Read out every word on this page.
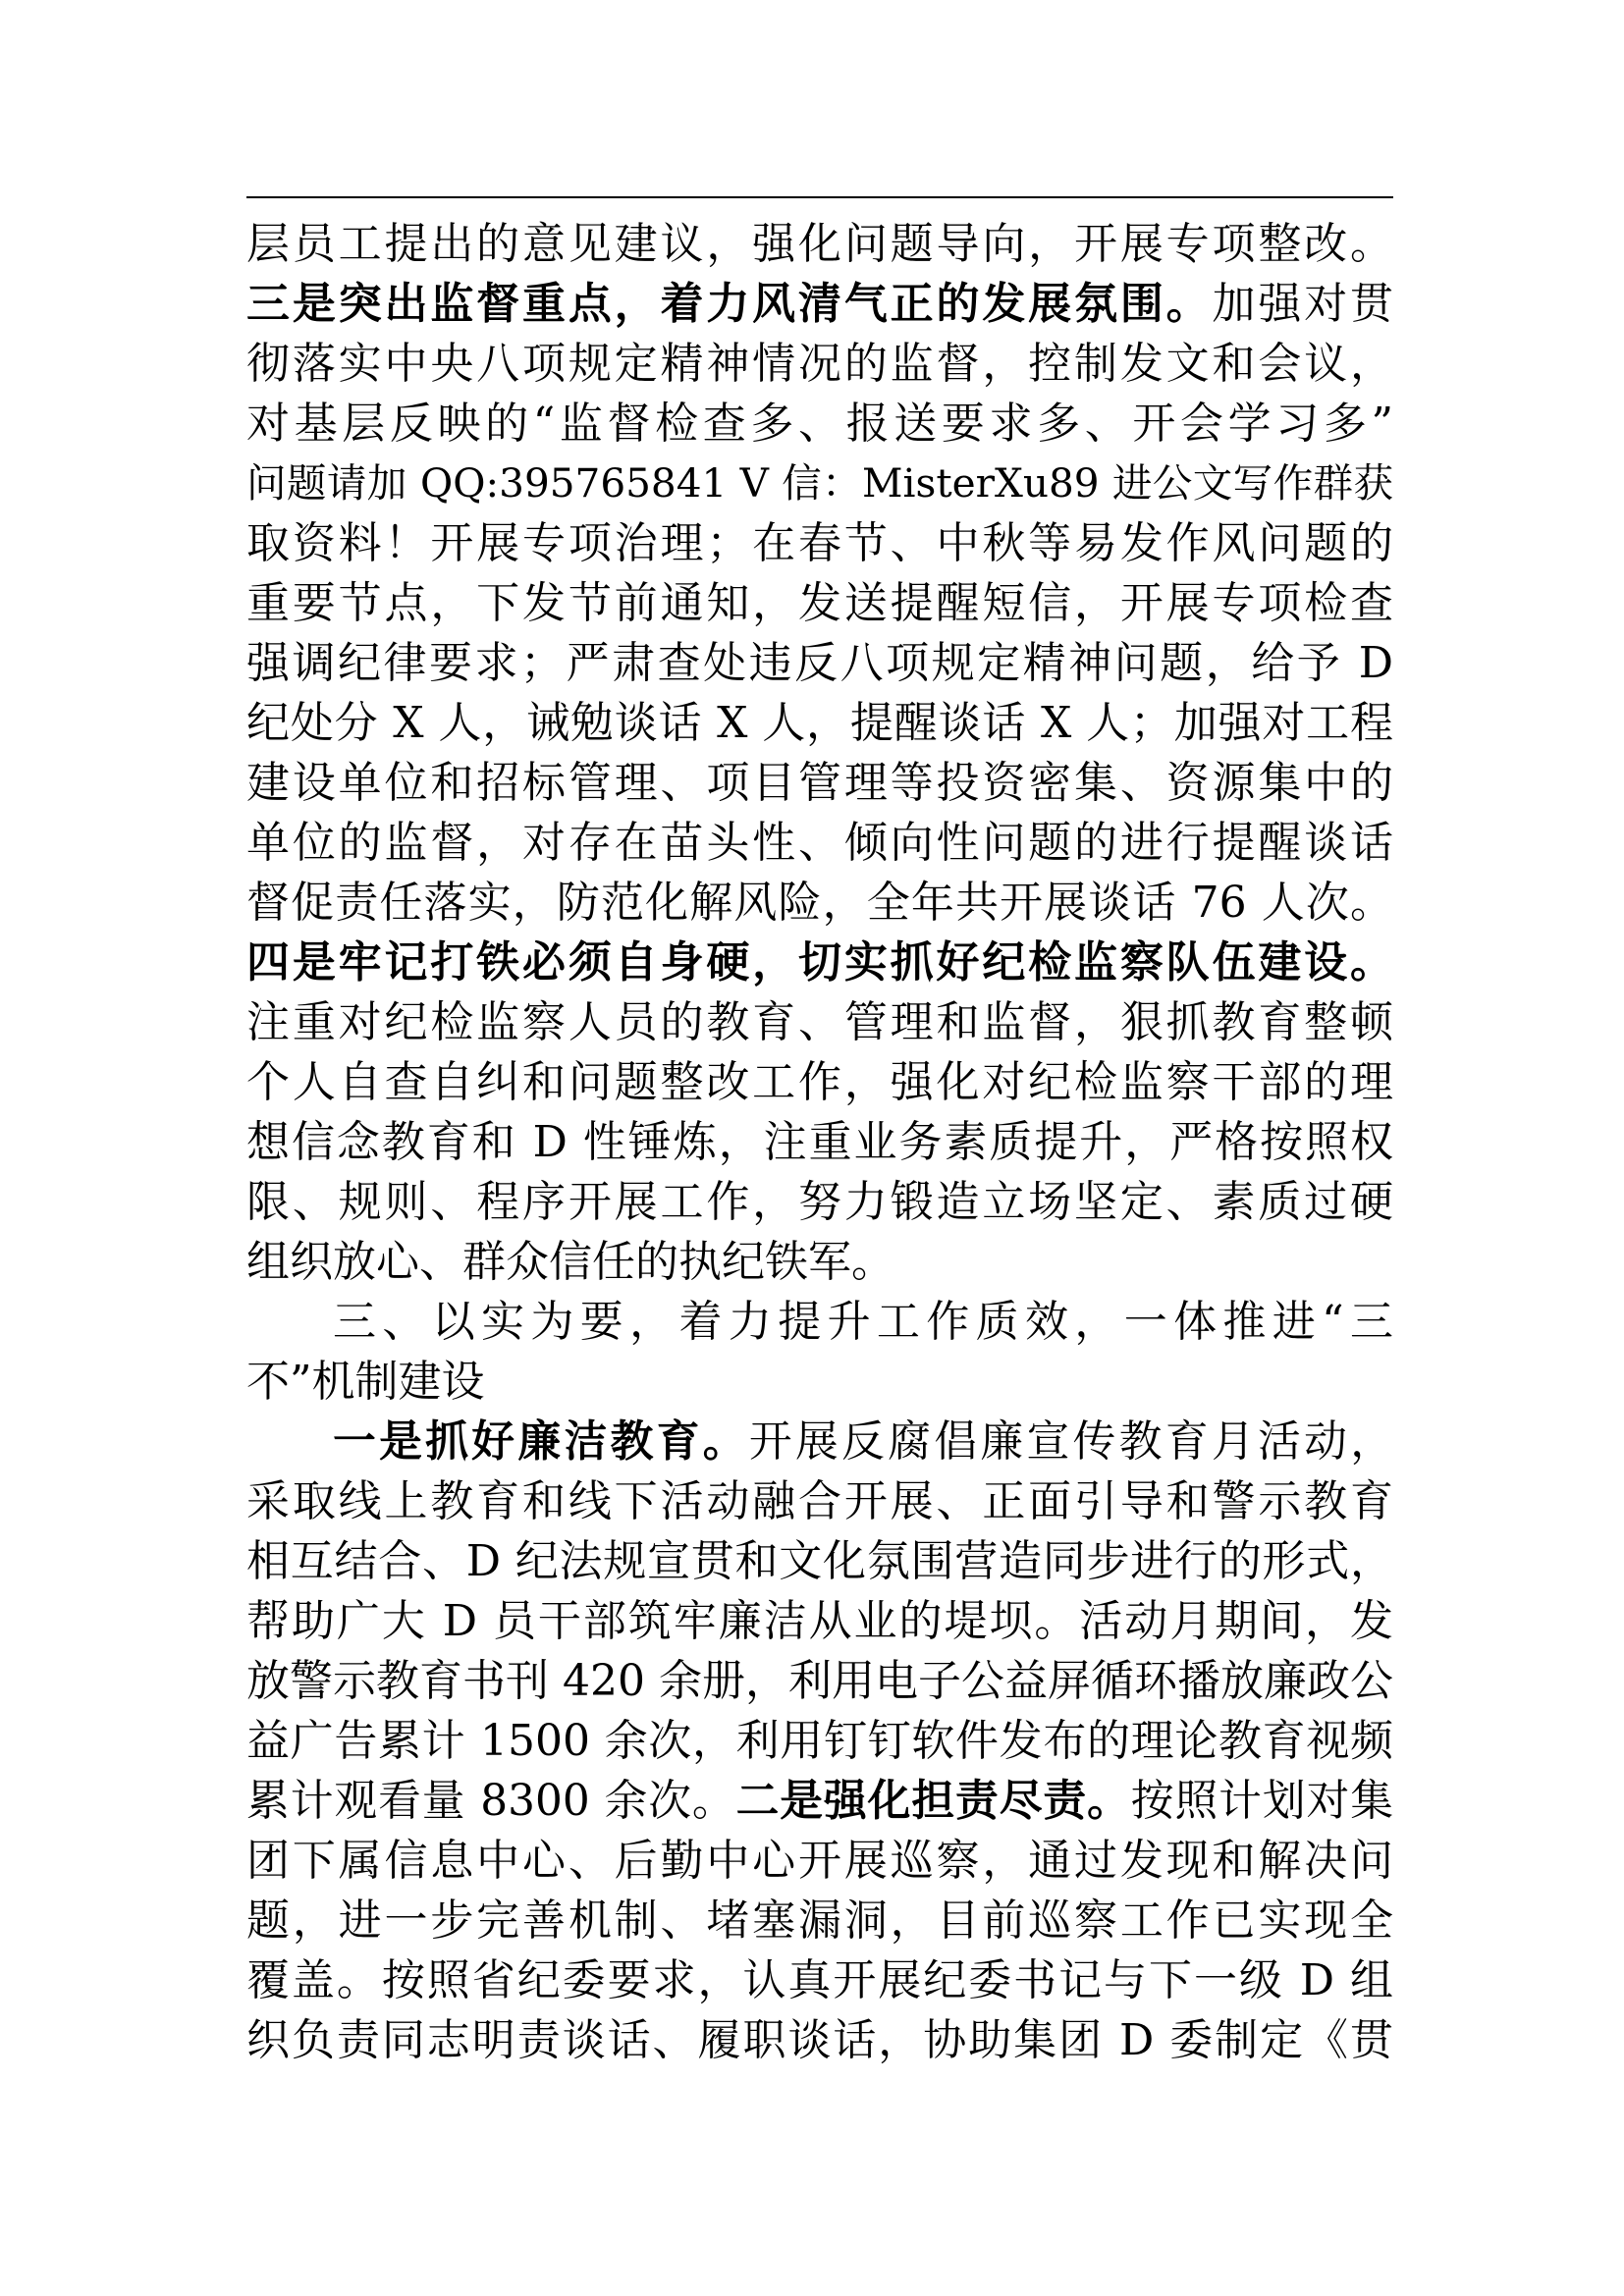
层员工提出的意见建议，强化问题导向，开展专项整改。
三是突出监督重点，着力风清气正的发展氛围。加强对贯
彻落实中央八项规定精神情况的监督，控制发文和会议，
对基层反映的“监督检查多、报送要求多、开会学习多”
问题请加 QQ:395765841 V 信：MisterXu89 进公文写作群获
取资料！开展专项治理；在春节、中秋等易发作风问题的
重要节点，下发节前通知，发送提醒短信，开展专项检查
强调纪律要求；严肃查处违反八项规定精神问题，给予 D
纪处分 X 人，诫勉谈话 X 人，提醒谈话 X 人；加强对工程
建设单位和招标管理、项目管理等投资密集、资源集中的
单位的监督，对存在苗头性、倾向性问题的进行提醒谈话
督促责任落实，防范化解风险，全年共开展谈话 76 人次。
四是牢记打铁必须自身硬，切实抓好纪检监察队伍建设。
注重对纪检监察人员的教育、管理和监督，狠抓教育整顿
个人自查自纠和问题整改工作，强化对纪检监察干部的理
想信念教育和 D 性锤炼，注重业务素质提升，严格按照权
限、规则、程序开展工作，努力锻造立场坚定、素质过硬
组织放心、群众信任的执纪铁军。
三、以实为要，着力提升工作质效，一体推进“三
不”机制建设
一是抓好廉洁教育。开展反腐倡廉宣传教育月活动，
采取线上教育和线下活动融合开展、正面引导和警示教育
相互结合、D 纪法规宣贯和文化氛围营造同步进行的形式，
帮助广大 D 员干部筑牢廉洁从业的堤坝。活动月期间，发
放警示教育书刊 420 余册，利用电子公益屏循环播放廉政公
益广告累计 1500 余次，利用钉钉软件发布的理论教育视频
累计观看量 8300 余次。二是强化担责尽责。按照计划对集
团下属信息中心、后勤中心开展巡察，通过发现和解决问
题，进一步完善机制、堵塞漏洞，目前巡察工作已实现全
覆盖。按照省纪委要求，认真开展纪委书记与下一级 D 组
织负责同志明责谈话、履职谈话，协助集团 D 委制定《贯
